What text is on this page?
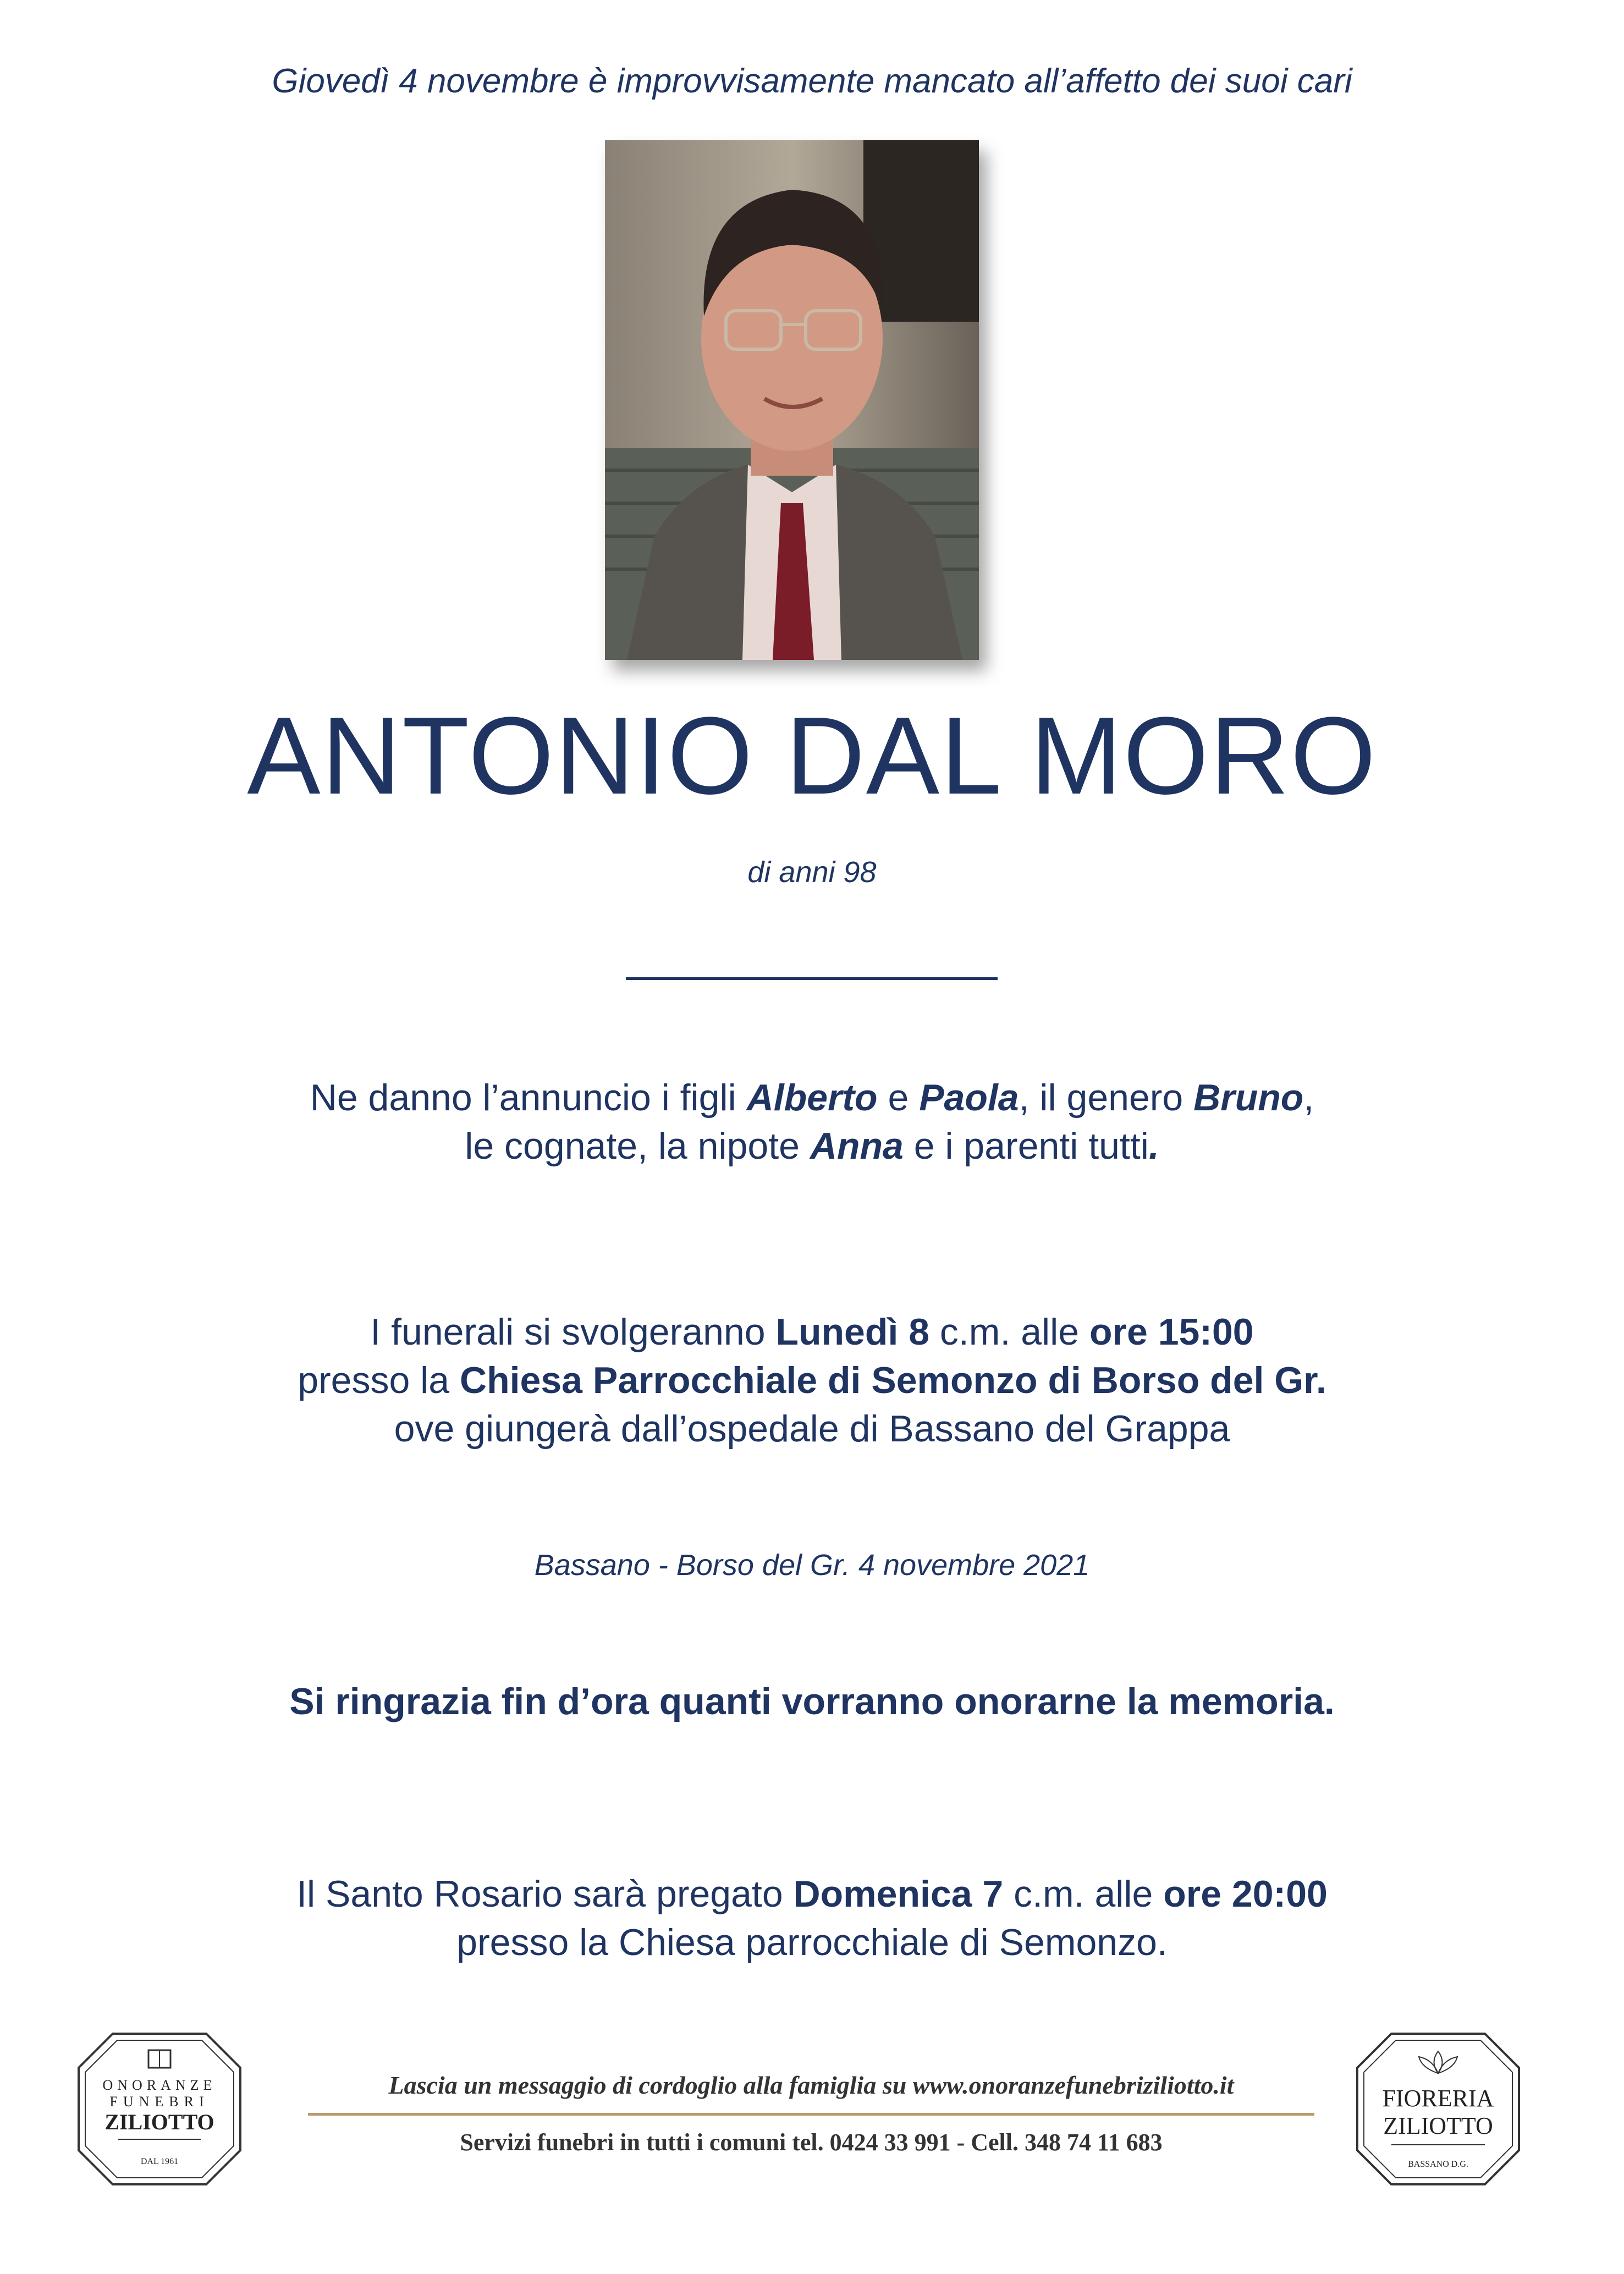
Giovedì 4 novembre è improvvisamente mancato all’affetto dei suoi cari
ANTONIO DAL MORO
di anni 98
Ne danno l’annuncio i figli Alberto e Paola, il genero Bruno,
le cognate, la nipote Anna e i parenti tutti.
I funerali si svolgeranno Lunedì 8 c.m. alle ore 15:00
presso la Chiesa Parrocchiale di Semonzo di Borso del Gr.
ove giungerà dall’ospedale di Bassano del Grappa
Bassano - Borso del Gr. 4 novembre 2021
Si ringrazia fin d’ora quanti vorranno onorarne la memoria.
Il Santo Rosario sarà pregato Domenica 7 c.m. alle ore 20:00
presso la Chiesa parrocchiale di Semonzo.
ONORANZE
FUNEBRI
ZILIOTTO
DAL 1961
Lascia un messaggio di cordoglio alla famiglia su www.onoranzefunebriziliotto.it
Servizi funebri in tutti i comuni tel. 0424 33 991 - Cell. 348 74 11 683
FIORERIA
ZILIOTTO
BASSANO D.G.
